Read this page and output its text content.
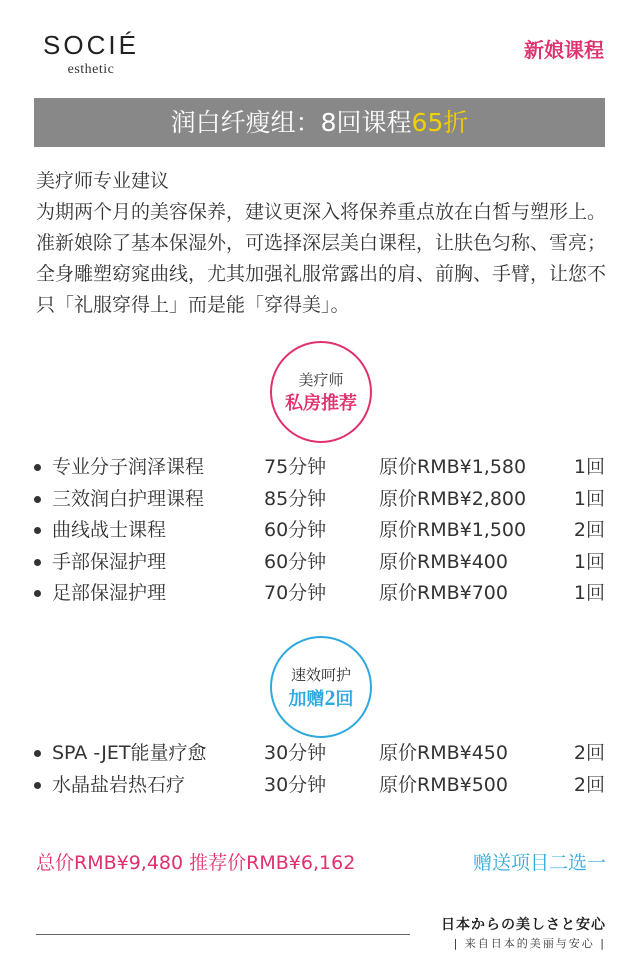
SOCIÉ
esthetic
新娘课程
润白纤瘦组：8回课程65折

美疗师专业建议

为期两个月的美容保养，建议更深入将保养重点放在白皙与塑形上。准新娘除了基本保湿外，可选择深层美白课程，让肤色匀称、雪亮；全身雕塑窈窕曲线，尤其加强礼服常露出的肩、前胸、手臂，让您不只「礼服穿得上」而是能「穿得美」。

美疗师
私房推荐
专业分子润泽课程	75分钟	原价RMB¥1,580	1回
三效润白护理课程	85分钟	原价RMB¥2,800	1回
曲线战士课程	60分钟	原价RMB¥1,500	2回
手部保湿护理	60分钟	原价RMB¥400	1回
足部保湿护理	70分钟	原价RMB¥700	1回
速效呵护
加赠2回
SPA -JET能量疗愈	30分钟	原价RMB¥450	2回
水晶盐岩热石疗	30分钟	原价RMB¥500	2回
总价RMB¥9,480 推荐价RMB¥6,162	赠送项目二选一
日本からの美しさと安心
| 来自日本的美丽与安心 |
